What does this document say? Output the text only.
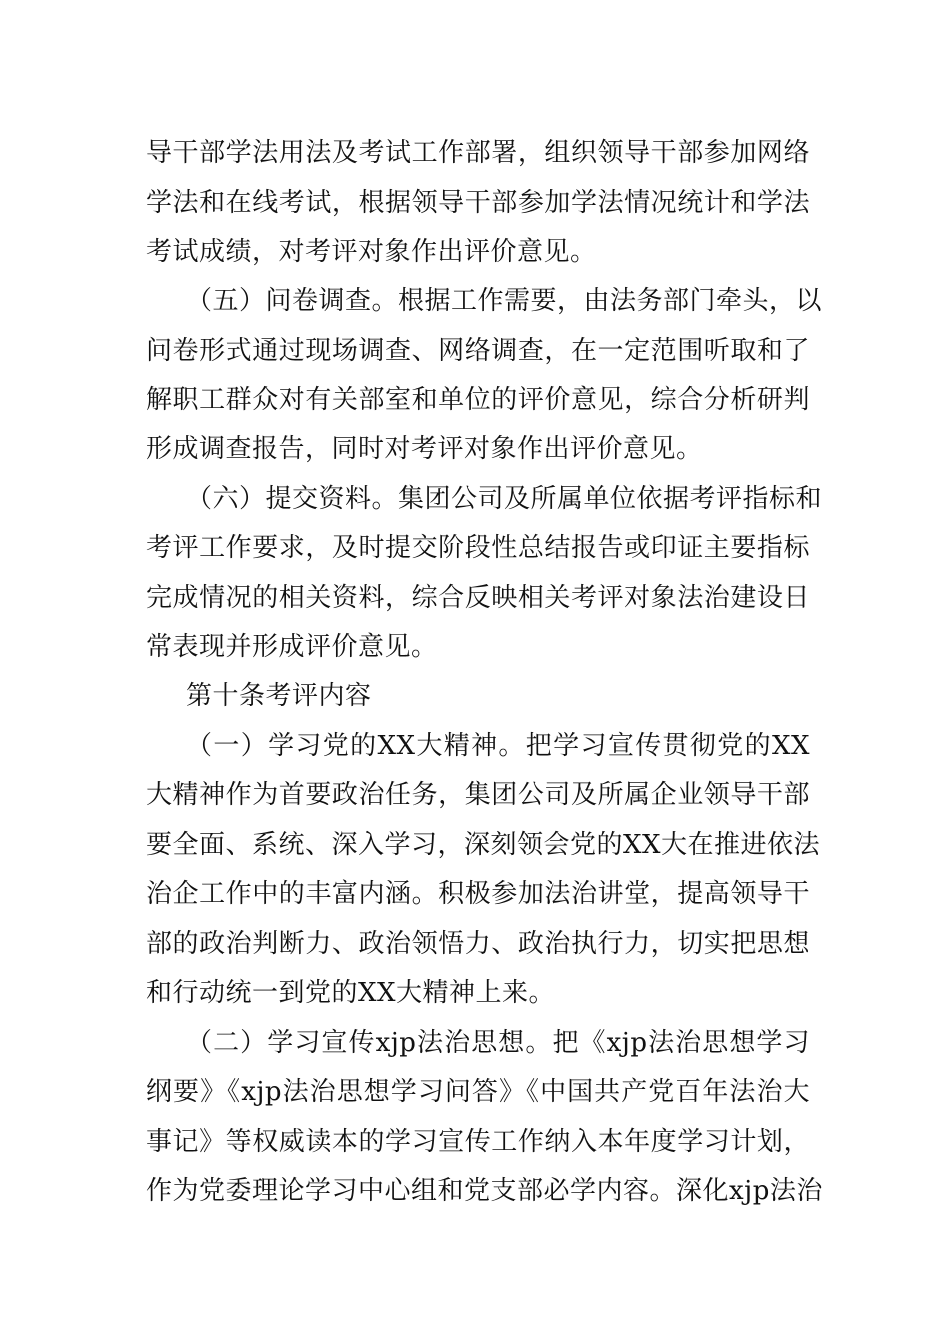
导干部学法用法及考试工作部署，组织领导干部参加网络
学法和在线考试，根据领导干部参加学法情况统计和学法
考试成绩，对考评对象作出评价意见。
（五）问卷调查。根据工作需要，由法务部门牵头，以
问卷形式通过现场调查、网络调查，在一定范围听取和了
解职工群众对有关部室和单位的评价意见，综合分析研判
形成调查报告，同时对考评对象作出评价意见。
（六）提交资料。集团公司及所属单位依据考评指标和
考评工作要求，及时提交阶段性总结报告或印证主要指标
完成情况的相关资料，综合反映相关考评对象法治建设日
常表现并形成评价意见。
第十条考评内容
（一）学习党的XX大精神。把学习宣传贯彻党的XX
大精神作为首要政治任务，集团公司及所属企业领导干部
要全面、系统、深入学习，深刻领会党的XX大在推进依法
治企工作中的丰富内涵。积极参加法治讲堂，提高领导干
部的政治判断力、政治领悟力、政治执行力，切实把思想
和行动统一到党的XX大精神上来。
（二）学习宣传xjp法治思想。把《xjp法治思想学习
纲要》《xjp法治思想学习问答》《中国共产党百年法治大
事记》等权威读本的学习宣传工作纳入本年度学习计划，
作为党委理论学习中心组和党支部必学内容。深化xjp法治
